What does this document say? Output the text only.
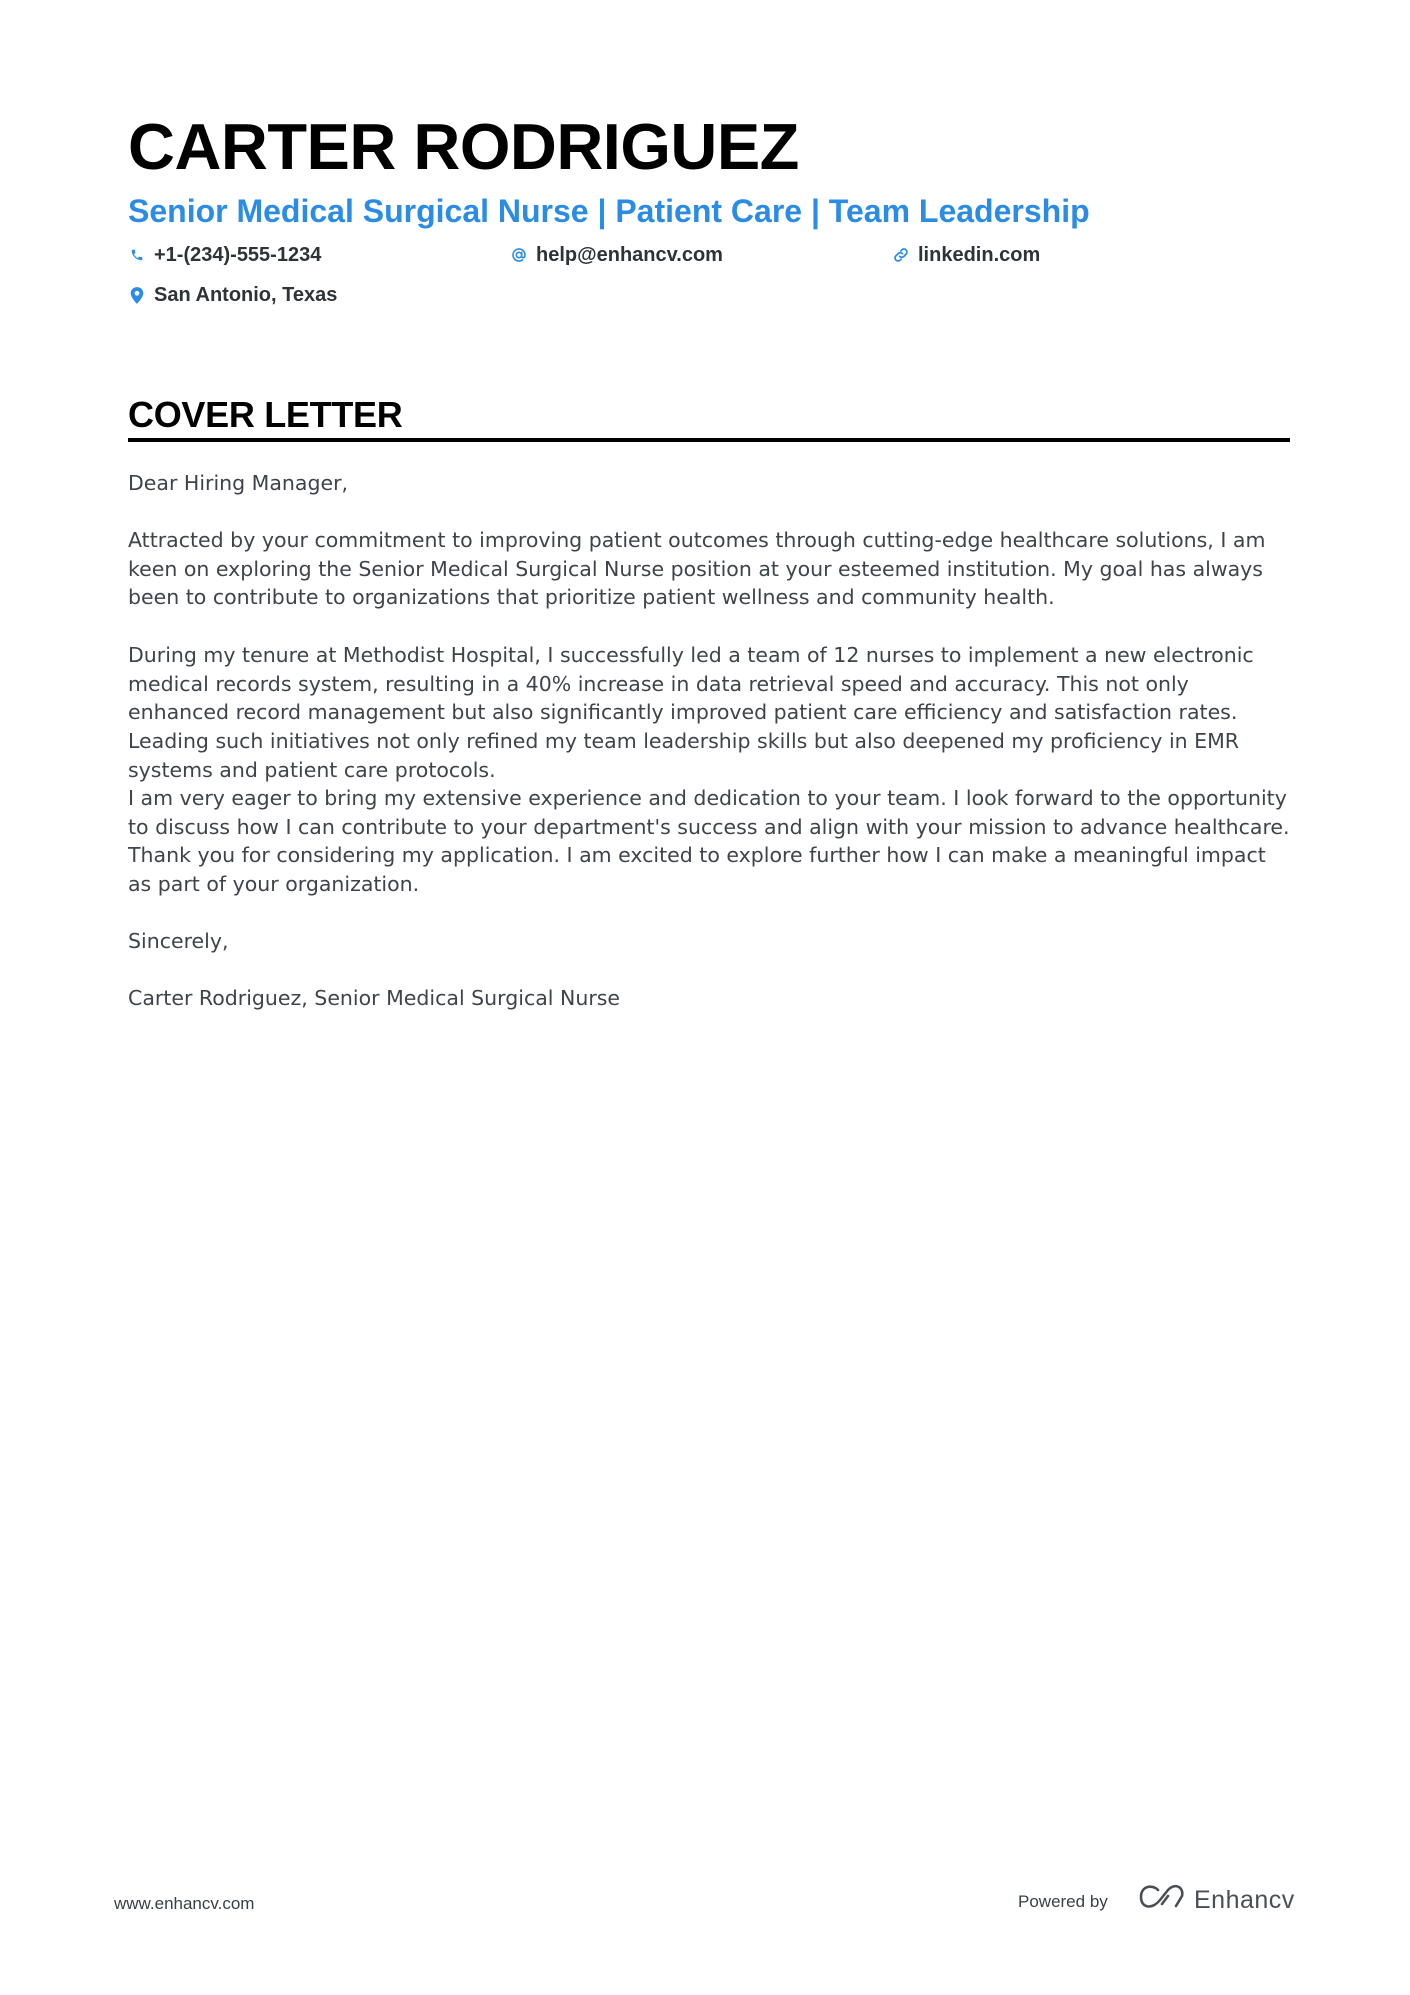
CARTER RODRIGUEZ
Senior Medical Surgical Nurse | Patient Care | Team Leadership
+1-(234)-555-1234	help@enhancv.com	linkedin.com
San Antonio, Texas
COVER LETTER
Dear Hiring Manager,
Attracted by your commitment to improving patient outcomes through cutting-edge healthcare solutions, I am keen on exploring the Senior Medical Surgical Nurse position at your esteemed institution. My goal has always been to contribute to organizations that prioritize patient wellness and community health.
During my tenure at Methodist Hospital, I successfully led a team of 12 nurses to implement a new electronic medical records system, resulting in a 40% increase in data retrieval speed and accuracy. This not only enhanced record management but also significantly improved patient care efficiency and satisfaction rates. Leading such initiatives not only refined my team leadership skills but also deepened my proficiency in EMR systems and patient care protocols.
I am very eager to bring my extensive experience and dedication to your team. I look forward to the opportunity to discuss how I can contribute to your department's success and align with your mission to advance healthcare. Thank you for considering my application. I am excited to explore further how I can make a meaningful impact as part of your organization.
Sincerely,
Carter Rodriguez, Senior Medical Surgical Nurse
www.enhancv.com	Powered by	Enhancv
